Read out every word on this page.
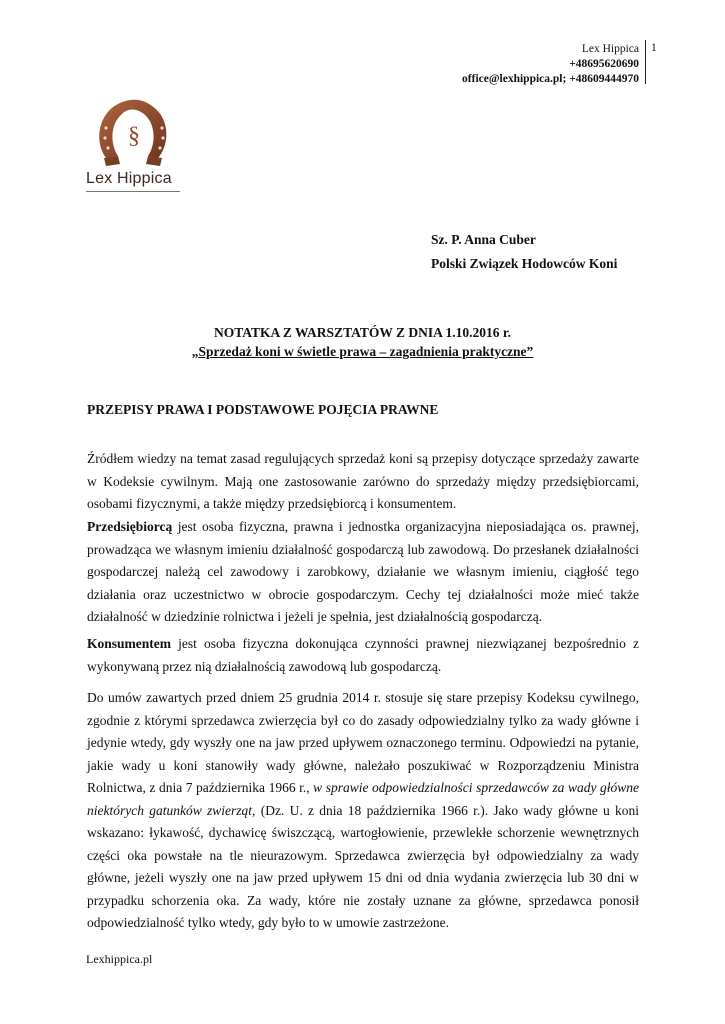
Lex Hippica
+48695620690
office@lexhippica.pl; +48609444970
1
§
Lex Hippica
Sz. P. Anna Cuber
Polski Związek Hodowców Koni
NOTATKA Z WARSZTATÓW Z DNIA 1.10.2016 r.
„Sprzedaż koni w świetle prawa – zagadnienia praktyczne”
PRZEPISY PRAWA I PODSTAWOWE POJĘCIA PRAWNE
Źródłem wiedzy na temat zasad regulujących sprzedaż koni są przepisy dotyczące sprzedaży zawarte w Kodeksie cywilnym. Mają one zastosowanie zarówno do sprzedaży między przedsiębiorcami, osobami fizycznymi, a także między przedsiębiorcą i konsumentem.
Przedsiębiorcą jest osoba fizyczna, prawna i jednostka organizacyjna nieposiadająca os. prawnej, prowadząca we własnym imieniu działalność gospodarczą lub zawodową. Do przesłanek działalności gospodarczej należą cel zawodowy i zarobkowy, działanie we własnym imieniu, ciągłość tego działania oraz uczestnictwo w obrocie gospodarczym. Cechy tej działalności może mieć także działalność w dziedzinie rolnictwa i jeżeli je spełnia, jest działalnością gospodarczą.
Konsumentem jest osoba fizyczna dokonująca czynności prawnej niezwiązanej bezpośrednio z wykonywaną przez nią działalnością zawodową lub gospodarczą.
Do umów zawartych przed dniem 25 grudnia 2014 r. stosuje się stare przepisy Kodeksu cywilnego, zgodnie z którymi sprzedawca zwierzęcia był co do zasady odpowiedzialny tylko za wady główne i jedynie wtedy, gdy wyszły one na jaw przed upływem oznaczonego terminu. Odpowiedzi na pytanie, jakie wady u koni stanowiły wady główne, należało poszukiwać w Rozporządzeniu Ministra Rolnictwa, z dnia 7 października 1966 r., w sprawie odpowiedzialności sprzedawców za wady główne niektórych gatunków zwierząt, (Dz. U. z dnia 18 października 1966 r.). Jako wady główne u koni wskazano: łykawość, dychawicę świszczącą, wartogłowienie, przewlekłe schorzenie wewnętrznych części oka powstałe na tle nieurazowym. Sprzedawca zwierzęcia był odpowiedzialny za wady główne, jeżeli wyszły one na jaw przed upływem 15 dni od dnia wydania zwierzęcia lub 30 dni w przypadku schorzenia oka. Za wady, które nie zostały uznane za główne, sprzedawca ponosił odpowiedzialność tylko wtedy, gdy było to w umowie zastrzeżone.
Lexhippica.pl
